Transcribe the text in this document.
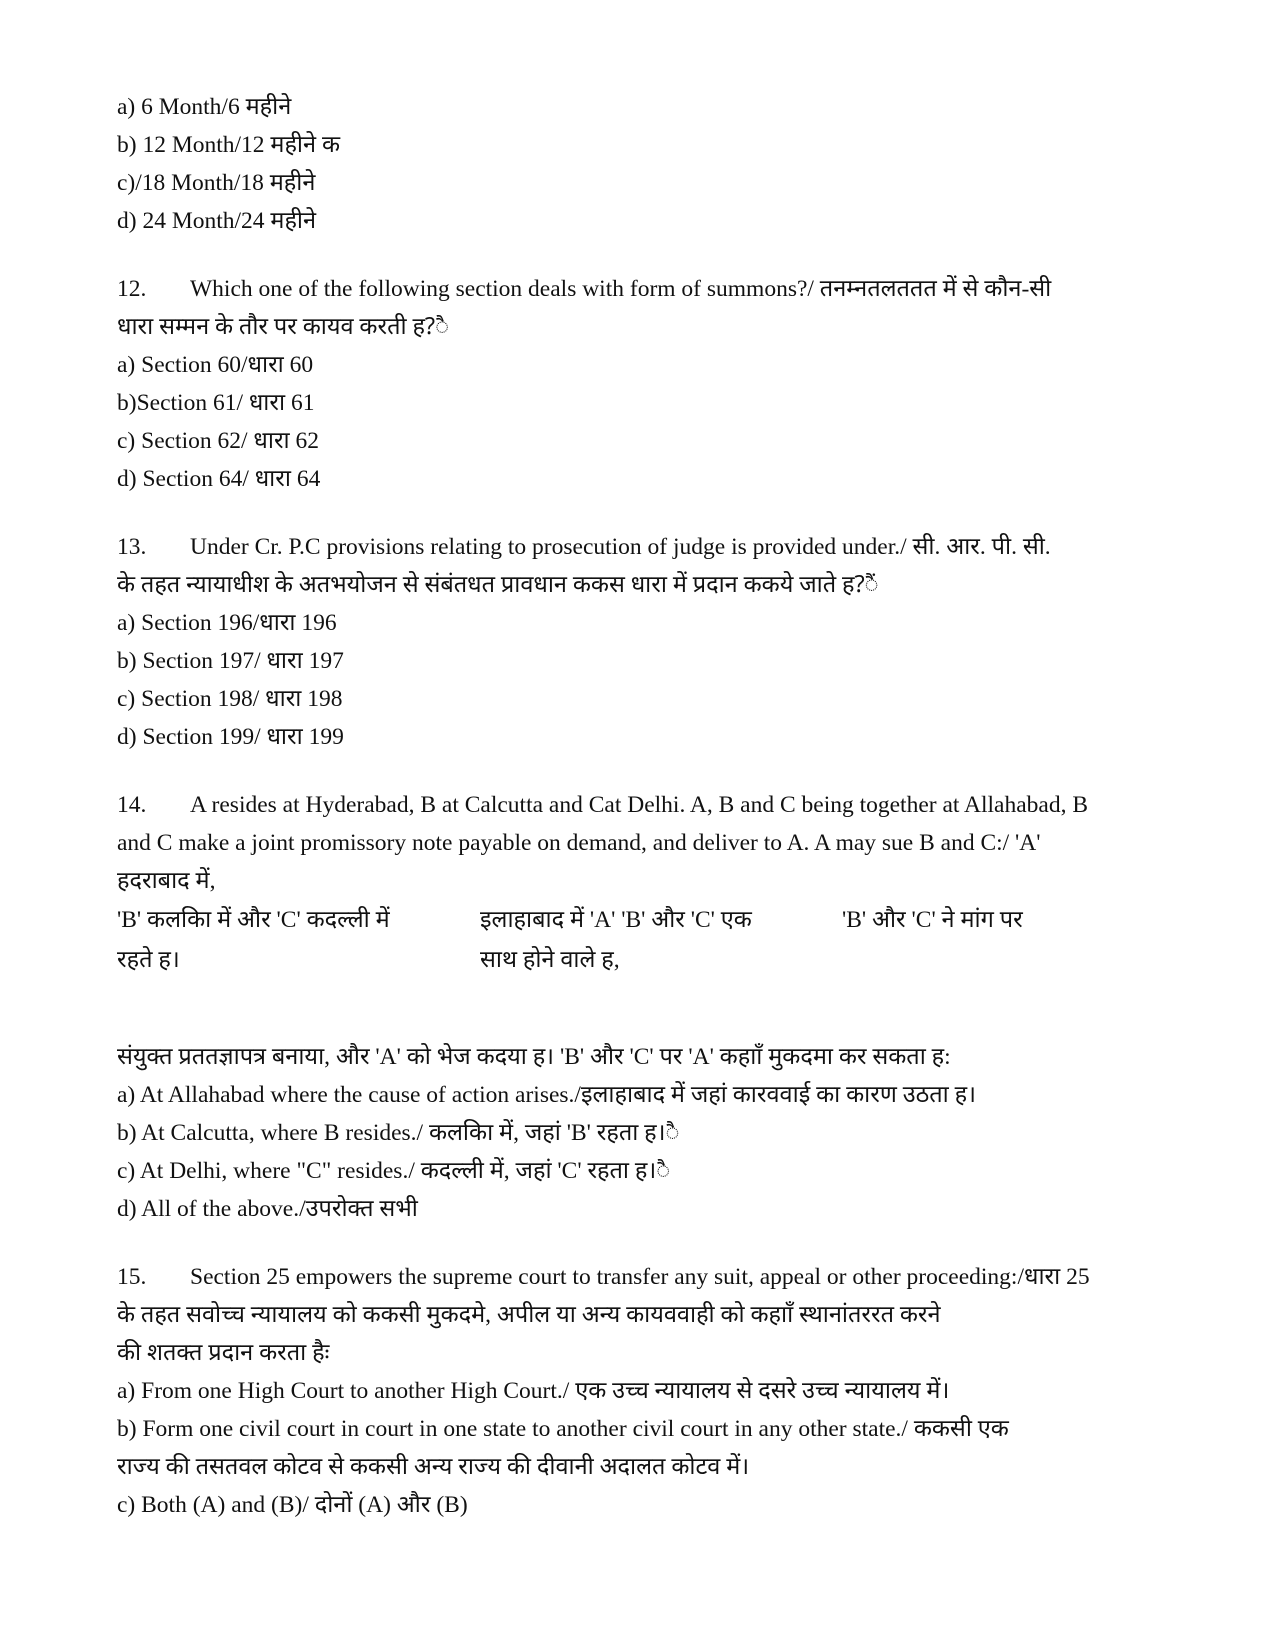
a) 6 Month/6 महीने
b) 12 Month/12 महीने क
c)/18 Month/18 महीने
d) 24 Month/24 महीने
12. Which one of the following section deals with form of summons?/ तनम्नतलततत में से कौन-सी
धारा सम्मन के तौर पर कायव करती ह?ै
a) Section 60/धारा 60
b)Section 61/ धारा 61
c) Section 62/ धारा 62
d) Section 64/ धारा 64
13. Under Cr. P.C provisions relating to prosecution of judge is provided under./ सी. आर. पी. सी.
के तहत न्यायाधीश के अतभयोजन से संबंतधत प्रावधान ककस धारा में प्रदान ककये जाते ह?ैं
a) Section 196/धारा 196
b) Section 197/ धारा 197
c) Section 198/ धारा 198
d) Section 199/ धारा 199
14. A resides at Hyderabad, B at Calcutta and Cat Delhi. A, B and C being together at Allahabad, B
and C make a joint promissory note payable on demand, and deliver to A. A may sue B and C:/ 'A'
हदराबाद में,
'B' कलकिा में और 'C' कदल्ली में
रहते ह।
इलाहाबाद में 'A' 'B' और 'C' एक
साथ होने वाले ह,
'B' और 'C' ने मांग पर
संयुक्त प्रततज्ञापत्र बनाया, और 'A' को भेज कदया ह। 'B' और 'C' पर 'A' कहााँ मुकदमा कर सकता ह:
a) At Allahabad where the cause of action arises./इलाहाबाद में जहां कारववाई का कारण उठता ह।
b) At Calcutta, where B resides./ कलकिा में, जहां 'B' रहता ह।ै
c) At Delhi, where "C" resides./ कदल्ली में, जहां 'C' रहता ह।ै
d) All of the above./उपरोक्त सभी
15. Section 25 empowers the supreme court to transfer any suit, appeal or other proceeding:/धारा 25
के तहत सवोच्च न्यायालय को ककसी मुकदमे, अपील या अन्य कायववाही को कहााँ स्थानांतररत करने
की शतक्त प्रदान करता हैः
a) From one High Court to another High Court./ एक उच्च न्यायालय से दसरे उच्च न्यायालय में।
b) Form one civil court in court in one state to another civil court in any other state./ ककसी एक
राज्य की तसतवल कोटव से ककसी अन्य राज्य की दीवानी अदालत कोटव में।
c) Both (A) and (B)/ दोनों (A) और (B)
